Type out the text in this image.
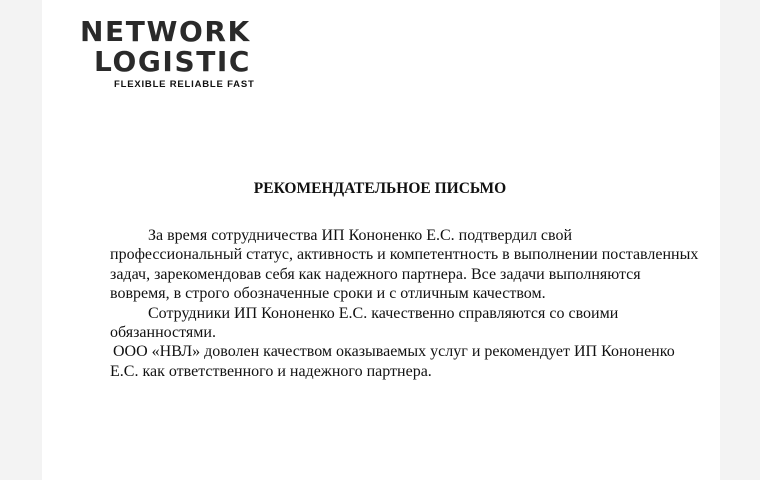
NETWORK
LOGISTIC
FLEXIBLE RELIABLE FAST
РЕКОМЕНДАТЕЛЬНОЕ ПИСЬМО
За время сотрудничества ИП Кононенко Е.С. подтвердил свой
профессиональный статус, активность и компетентность в выполнении поставленных
задач, зарекомендовав себя как надежного партнера. Все задачи выполняются
вовремя, в строго обозначенные сроки и с отличным качеством.
Сотрудники ИП Кононенко Е.С. качественно справляются со своими
обязанностями.
ООО «НВЛ» доволен качеством оказываемых услуг и рекомендует ИП Кононенко
Е.С. как ответственного и надежного партнера.
